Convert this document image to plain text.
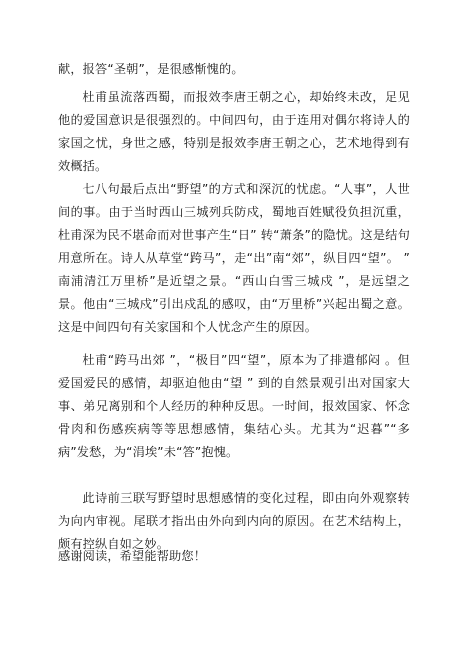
献，报答“圣朝”，是很感惭愧的。

杜甫虽流落西蜀，而报效李唐王朝之心，却始终未改，足见他的爱国意识是很强烈的。中间四句，由于连用对偶尔将诗人的家国之忧，身世之感，特别是报效李唐王朝之心，艺术地得到有效概括。

七八句最后点出“野望”的方式和深沉的忧虑。“人事”，人世间的事。由于当时西山三城列兵防戍，蜀地百姓赋役负担沉重，杜甫深为民不堪命而对世事产生“日” 转“萧条”的隐忧。这是结句用意所在。诗人从草堂“跨马”，走“出”南“郊”，纵目四“望”。 ” 南浦清江万里桥”是近望之景。“西山白雪三城戍 ”，是远望之景。他由“三城戍”引出戍乱的感叹，由“万里桥”兴起出蜀之意。这是中间四句有关家国和个人忧念产生的原因。

杜甫“跨马出郊 ”，“极目”四“望”，原本为了排遣郁闷 。但爱国爱民的感情，却驱迫他由“望 ” 到的自然景观引出对国家大事、弟兄离别和个人经历的种种反思。一时间，报效国家、怀念骨肉和伤感疾病等等思想感情，集结心头。尤其为“迟暮”“多病”发愁，为“涓埃”未“答”抱愧。

此诗前三联写野望时思想感情的变化过程，即由向外观察转为向内审视。尾联才指出由外向到内向的原因。在艺术结构上，颇有控纵自如之妙。

感谢阅读，希望能帮助您！
